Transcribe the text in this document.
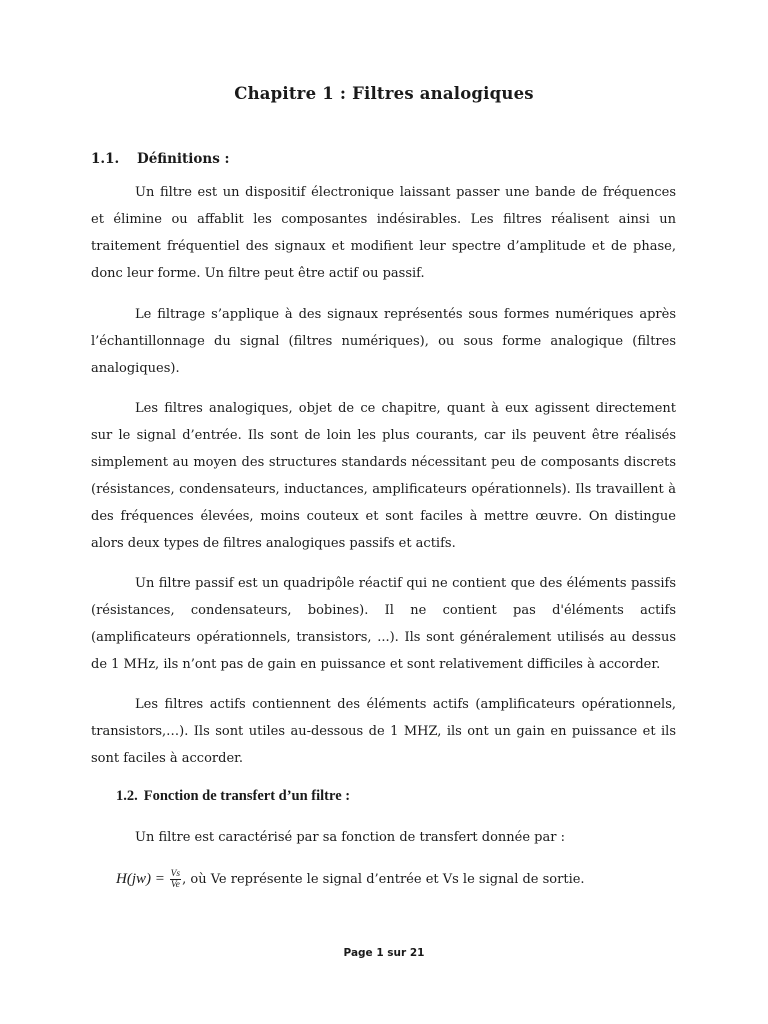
Chapitre 1 : Filtres analogiques
1.1. Définitions :

Un filtre est un dispositif électronique laissant passer une bande de fréquences et élimine ou affablit les composantes indésirables. Les filtres réalisent ainsi un traitement fréquentiel des signaux et modifient leur spectre d’amplitude et de phase, donc leur forme. Un filtre peut être actif ou passif.

Le filtrage s’applique à des signaux représentés sous formes numériques après l’échantillonnage du signal (filtres numériques), ou sous forme analogique (filtres analogiques).

Les filtres analogiques, objet de ce chapitre, quant à eux agissent directement sur le signal d’entrée. Ils sont de loin les plus courants, car ils peuvent être réalisés simplement au moyen des structures standards nécessitant peu de composants discrets (résistances, condensateurs, inductances, amplificateurs opérationnels). Ils travaillent à des fréquences élevées, moins couteux et sont faciles à mettre œuvre. On distingue alors deux types de filtres analogiques passifs et actifs.

Un filtre passif est un quadripôle réactif qui ne contient que des éléments passifs (résistances, condensateurs, bobines). Il ne contient pas d'éléments actifs (amplificateurs opérationnels, transistors, ...). Ils sont généralement utilisés au dessus de 1 MHz, ils n’ont pas de gain en puissance et sont relativement difficiles à accorder.

Les filtres actifs contiennent des éléments actifs (amplificateurs opérationnels, transistors,…). Ils sont utiles au-dessous de 1 MHZ, ils ont un gain en puissance et ils sont faciles à accorder.

1.2. Fonction de transfert d’un filtre :

Un filtre est caractérisé par sa fonction de transfert donnée par :

$H(jw) = \frac{Vs}{Ve}$ , où Ve représente le signal d’entrée et Vs le signal de sortie.
Page 1 sur 21
